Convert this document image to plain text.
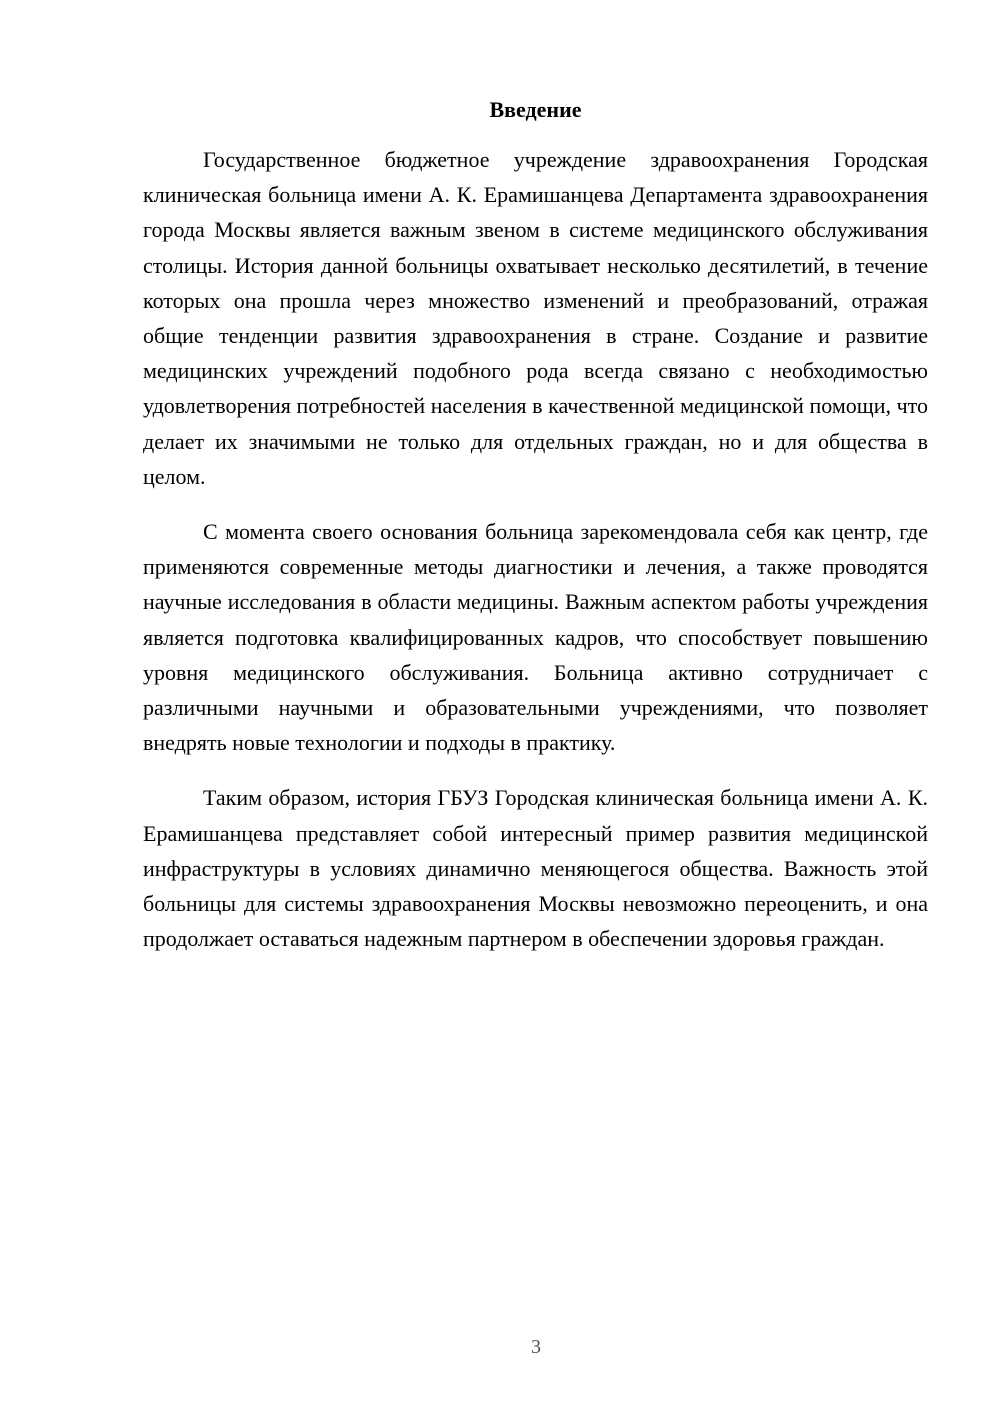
Введение

Государственное бюджетное учреждение здравоохранения Городская клиническая больница имени А. К. Ерамишанцева Департамента здравоохранения города Москвы является важным звеном в системе медицинского обслуживания столицы. История данной больницы охватывает несколько десятилетий, в течение которых она прошла через множество изменений и преобразований, отражая общие тенденции развития здравоохранения в стране. Создание и развитие медицинских учреждений подобного рода всегда связано с необходимостью удовлетворения потребностей населения в качественной медицинской помощи, что делает их значимыми не только для отдельных граждан, но и для общества в целом.

С момента своего основания больница зарекомендовала себя как центр, где применяются современные методы диагностики и лечения, а также проводятся научные исследования в области медицины. Важным аспектом работы учреждения является подготовка квалифицированных кадров, что способствует повышению уровня медицинского обслуживания. Больница активно сотрудничает с различными научными и образовательными учреждениями, что позволяет внедрять новые технологии и подходы в практику.

Таким образом, история ГБУЗ Городская клиническая больница имени А. К. Ерамишанцева представляет собой интересный пример развития медицинской инфраструктуры в условиях динамично меняющегося общества. Важность этой больницы для системы здравоохранения Москвы невозможно переоценить, и она продолжает оставаться надежным партнером в обеспечении здоровья граждан.

3
